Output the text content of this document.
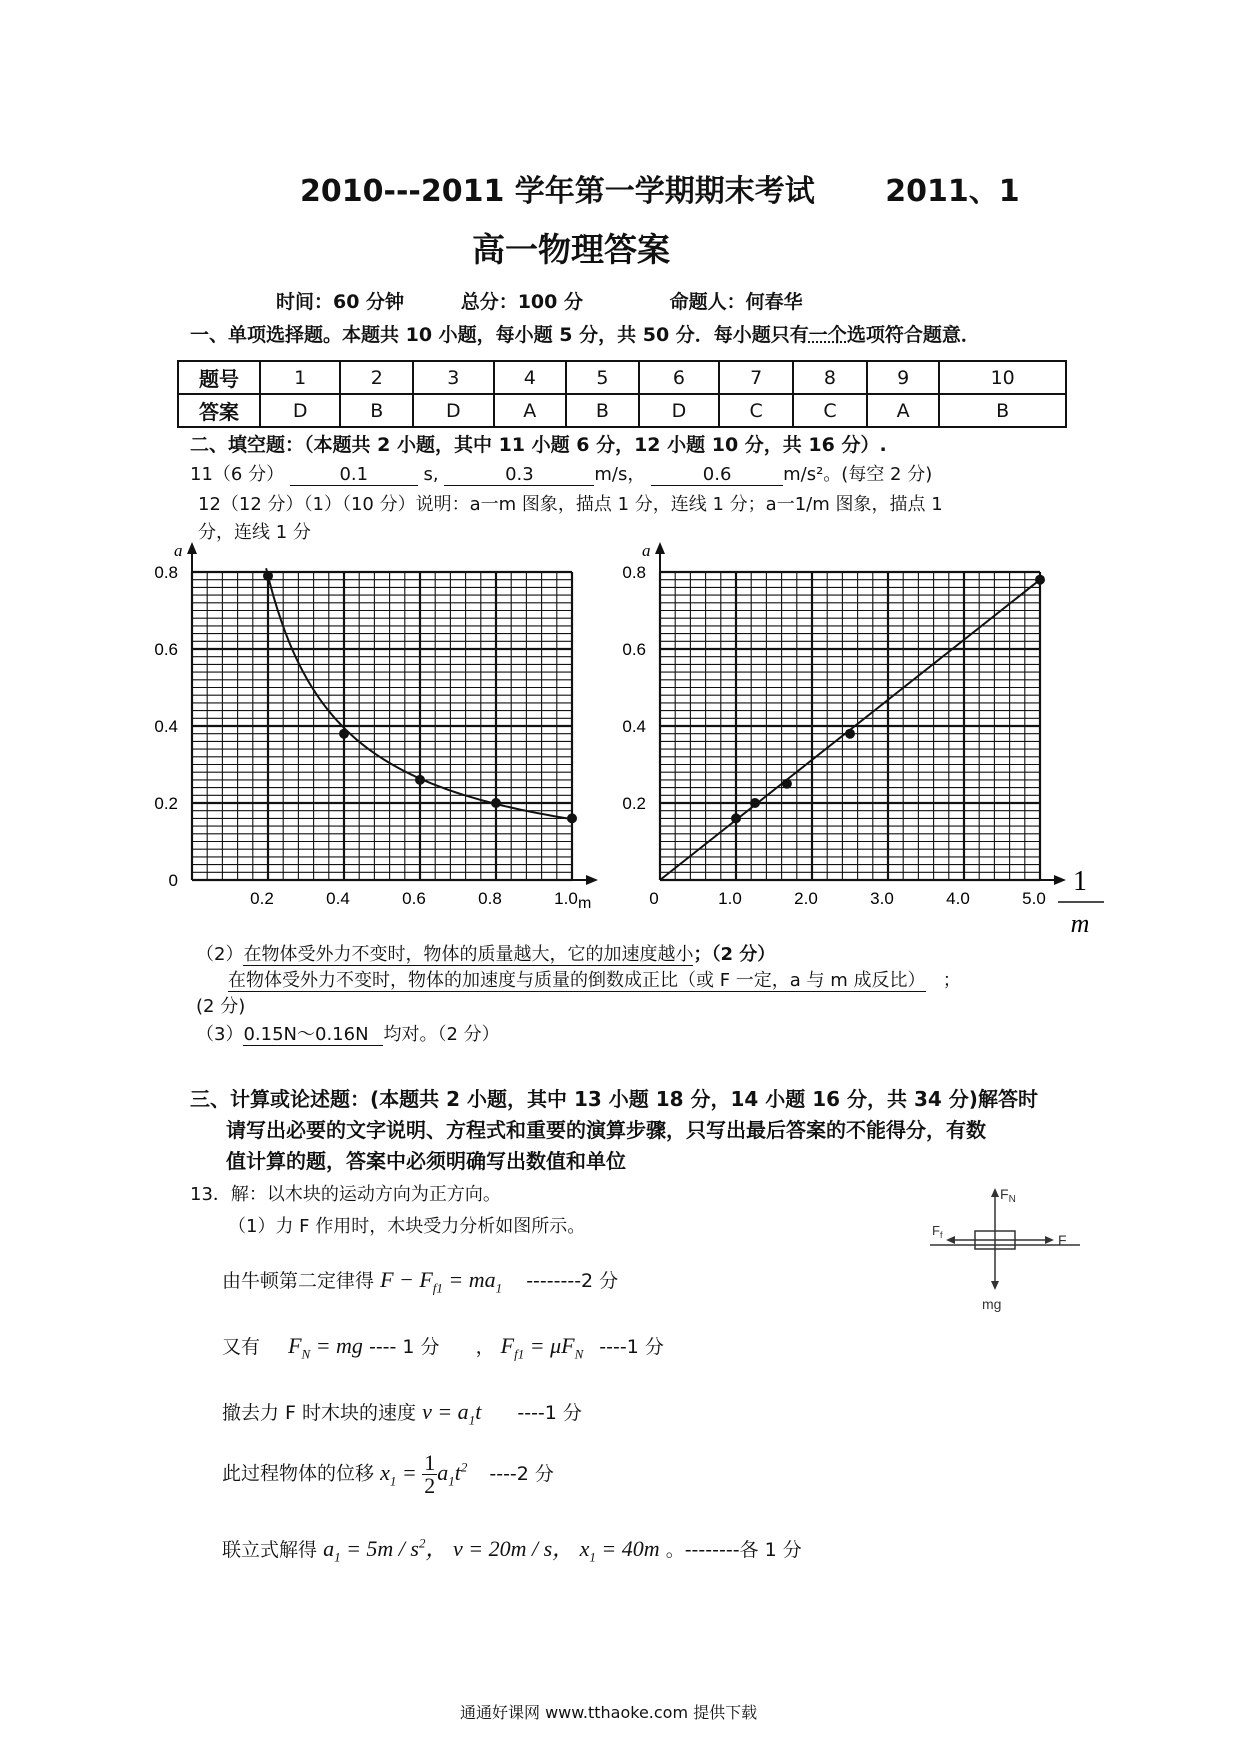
2010---2011 学年第一学期期末考试 2011、1
高一物理答案
时间：60 分钟	总分：100 分	命题人：何春华
一、单项选择题。本题共 10 小题，每小题 5 分，共 50 分．每小题只有一个选项符合题意．
题号	1	2	3	4	5	6	7	8	9	10
答案	D	B	D	A	B	D	C	C	A	B
二、填空题：（本题共 2 小题，其中 11 小题 6 分，12 小题 10 分，共 16 分）.
11（6 分）	0.1	s,	0.3	m/s，	0.6	m/s²。(每空 2 分)
12（12 分）（1）（10 分）说明：a一m 图象，描点 1 分，连线 1 分；a一1/m 图象，描点 1
分，连线 1 分
a
0
0.2
0.4
0.6
0.8
0.2	0.4	0.6	0.8	1.0 m
a
0.2
0.4
0.6
0.8
0	1.0	2.0	3.0	4.0	5.0
1
m
（2）在物体受外力不变时，物体的质量越大，它的加速度越小；（2 分）
在物体受外力不变时，物体的加速度与质量的倒数成正比（或 F 一定，a 与 m 成反比） ；
(2 分)
（3）0.15N～0.16N 均对。（2 分）
三、计算或论述题：(本题共 2 小题，其中 13 小题 18 分，14 小题 16 分，共 34 分)解答时
请写出必要的文字说明、方程式和重要的演算步骤，只写出最后答案的不能得分，有数
值计算的题，答案中必须明确写出数值和单位
13．解：以木块的运动方向为正方向。
（1）力 F 作用时，木块受力分析如图所示。
$F_N$
$F_f$	F
mg
由牛顿第二定律得 $F - F_{f1} = ma_1$ --------2 分
又有 $F_N$ = mg ---- 1 分 ， $F_{f1} = \mu F_N$ ----1 分
撤去力 F 时木块的速度 $v = a_1t$ ----1 分
此过程物体的位移 $x_1 = \frac{1}{2} a_1t^2$ ----2 分
联立式解得 $a_1 = 5m / s^2$， v = 20m / s， $x_1 = 40m$ 。--------各 1 分
通通好课网 www.tthaoke.com 提供下载
